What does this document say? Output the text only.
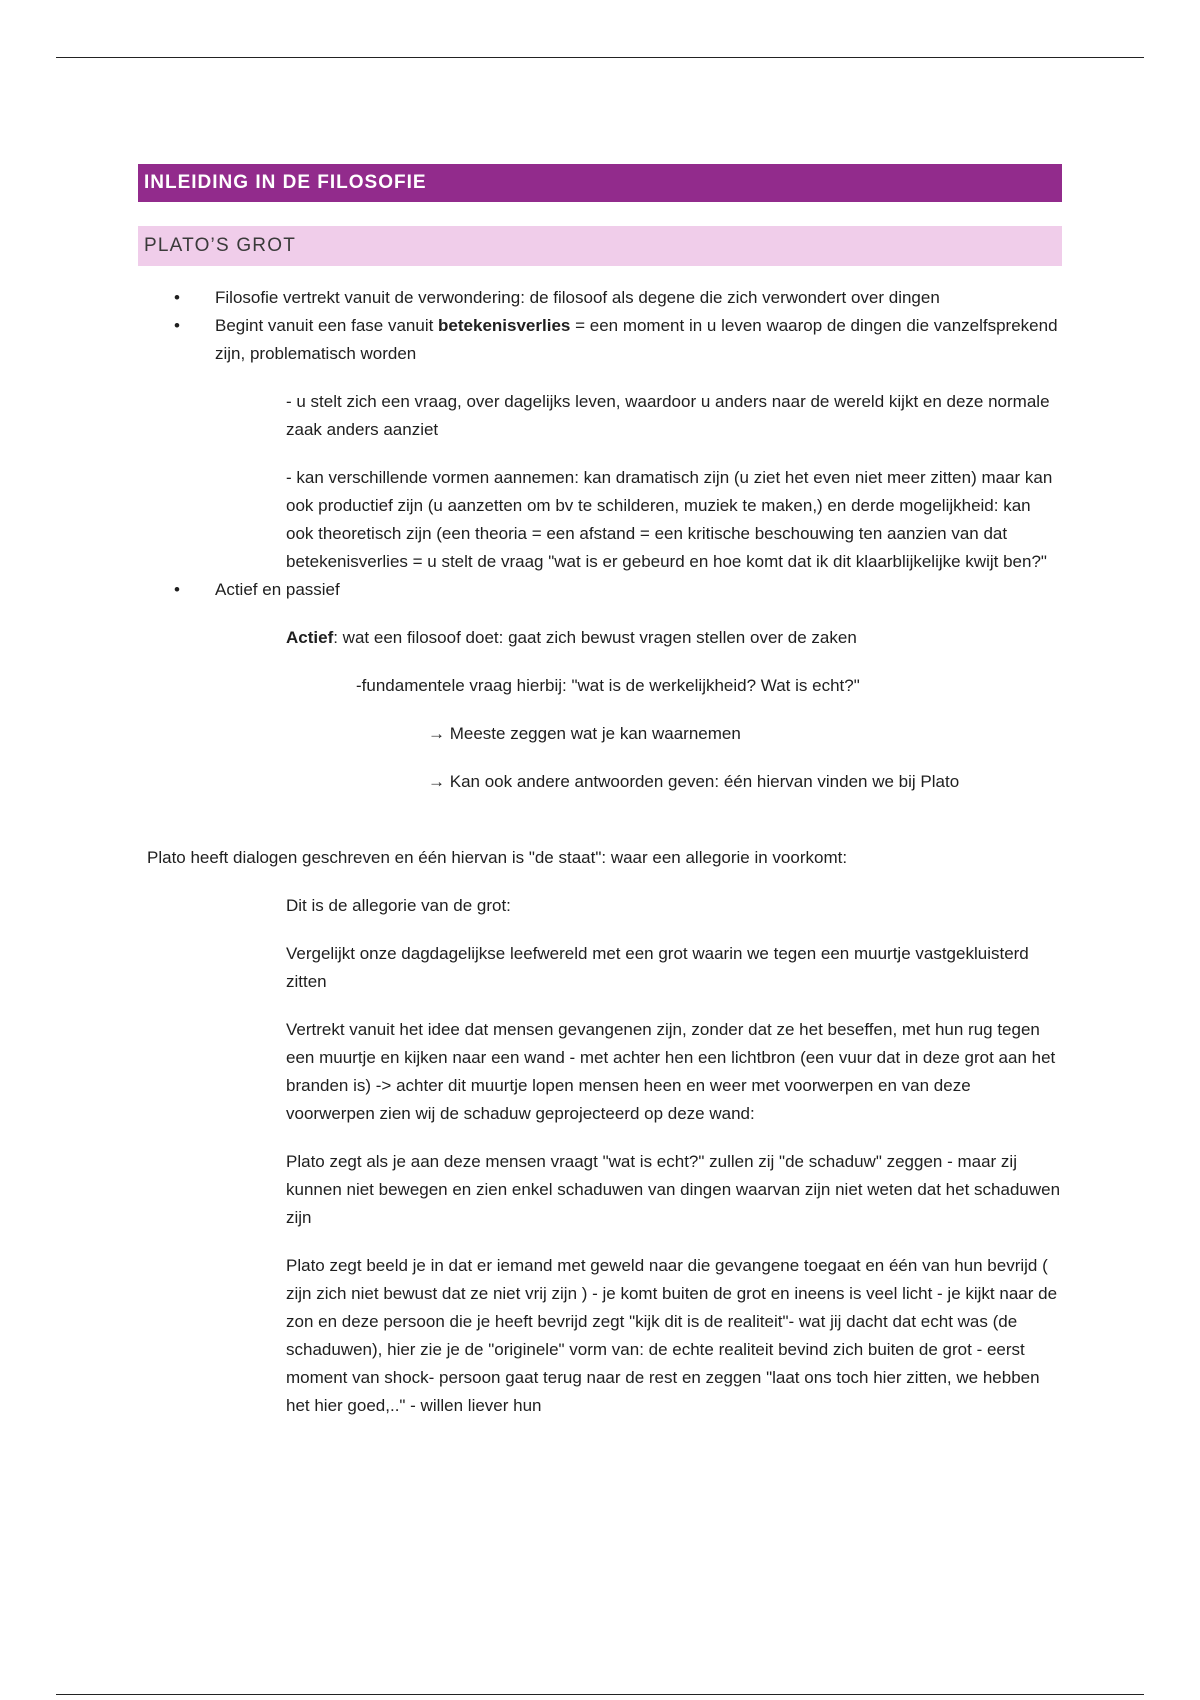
INLEIDING IN DE FILOSOFIE
PLATO’S GROT
• Filosofie vertrekt vanuit de verwondering: de filosoof als degene die zich verwondert over dingen
• Begint vanuit een fase vanuit betekenisverlies = een moment in u leven waarop de dingen die vanzelfsprekend zijn, problematisch worden

- u stelt zich een vraag, over dagelijks leven, waardoor u anders naar de wereld kijkt en deze normale zaak anders aanziet

- kan verschillende vormen aannemen: kan dramatisch zijn (u ziet het even niet meer zitten) maar kan ook productief zijn (u aanzetten om bv te schilderen, muziek te maken,) en derde mogelijkheid: kan ook theoretisch zijn (een theoria = een afstand = een kritische beschouwing ten aanzien van dat betekenisverlies = u stelt de vraag "wat is er gebeurd en hoe komt dat ik dit klaarblijkelijke kwijt ben?"

• Actief en passief

Actief: wat een filosoof doet: gaat zich bewust vragen stellen over de zaken

-fundamentele vraag hierbij: "wat is de werkelijkheid? Wat is echt?"

→ Meeste zeggen wat je kan waarnemen

→ Kan ook andere antwoorden geven: één hiervan vinden we bij Plato

Plato heeft dialogen geschreven en één hiervan is "de staat": waar een allegorie in voorkomt:

Dit is de allegorie van de grot:

Vergelijkt onze dagdagelijkse leefwereld met een grot waarin we tegen een muurtje vastgekluisterd zitten

Vertrekt vanuit het idee dat mensen gevangenen zijn, zonder dat ze het beseffen, met hun rug tegen een muurtje en kijken naar een wand - met achter hen een lichtbron (een vuur dat in deze grot aan het branden is) -> achter dit muurtje lopen mensen heen en weer met voorwerpen en van deze voorwerpen zien wij de schaduw geprojecteerd op deze wand:

Plato zegt als je aan deze mensen vraagt "wat is echt?" zullen zij "de schaduw" zeggen - maar zij kunnen niet bewegen en zien enkel schaduwen van dingen waarvan zijn niet weten dat het schaduwen zijn

Plato zegt beeld je in dat er iemand met geweld naar die gevangene toegaat en één van hun bevrijd ( zijn zich niet bewust dat ze niet vrij zijn ) - je komt buiten de grot en ineens is veel licht - je kijkt naar de zon en deze persoon die je heeft bevrijd zegt "kijk dit is de realiteit"- wat jij dacht dat echt was (de schaduwen), hier zie je de "originele" vorm van: de echte realiteit bevind zich buiten de grot - eerst moment van shock- persoon gaat terug naar de rest en zeggen "laat ons toch hier zitten, we hebben het hier goed,.." - willen liever hun
